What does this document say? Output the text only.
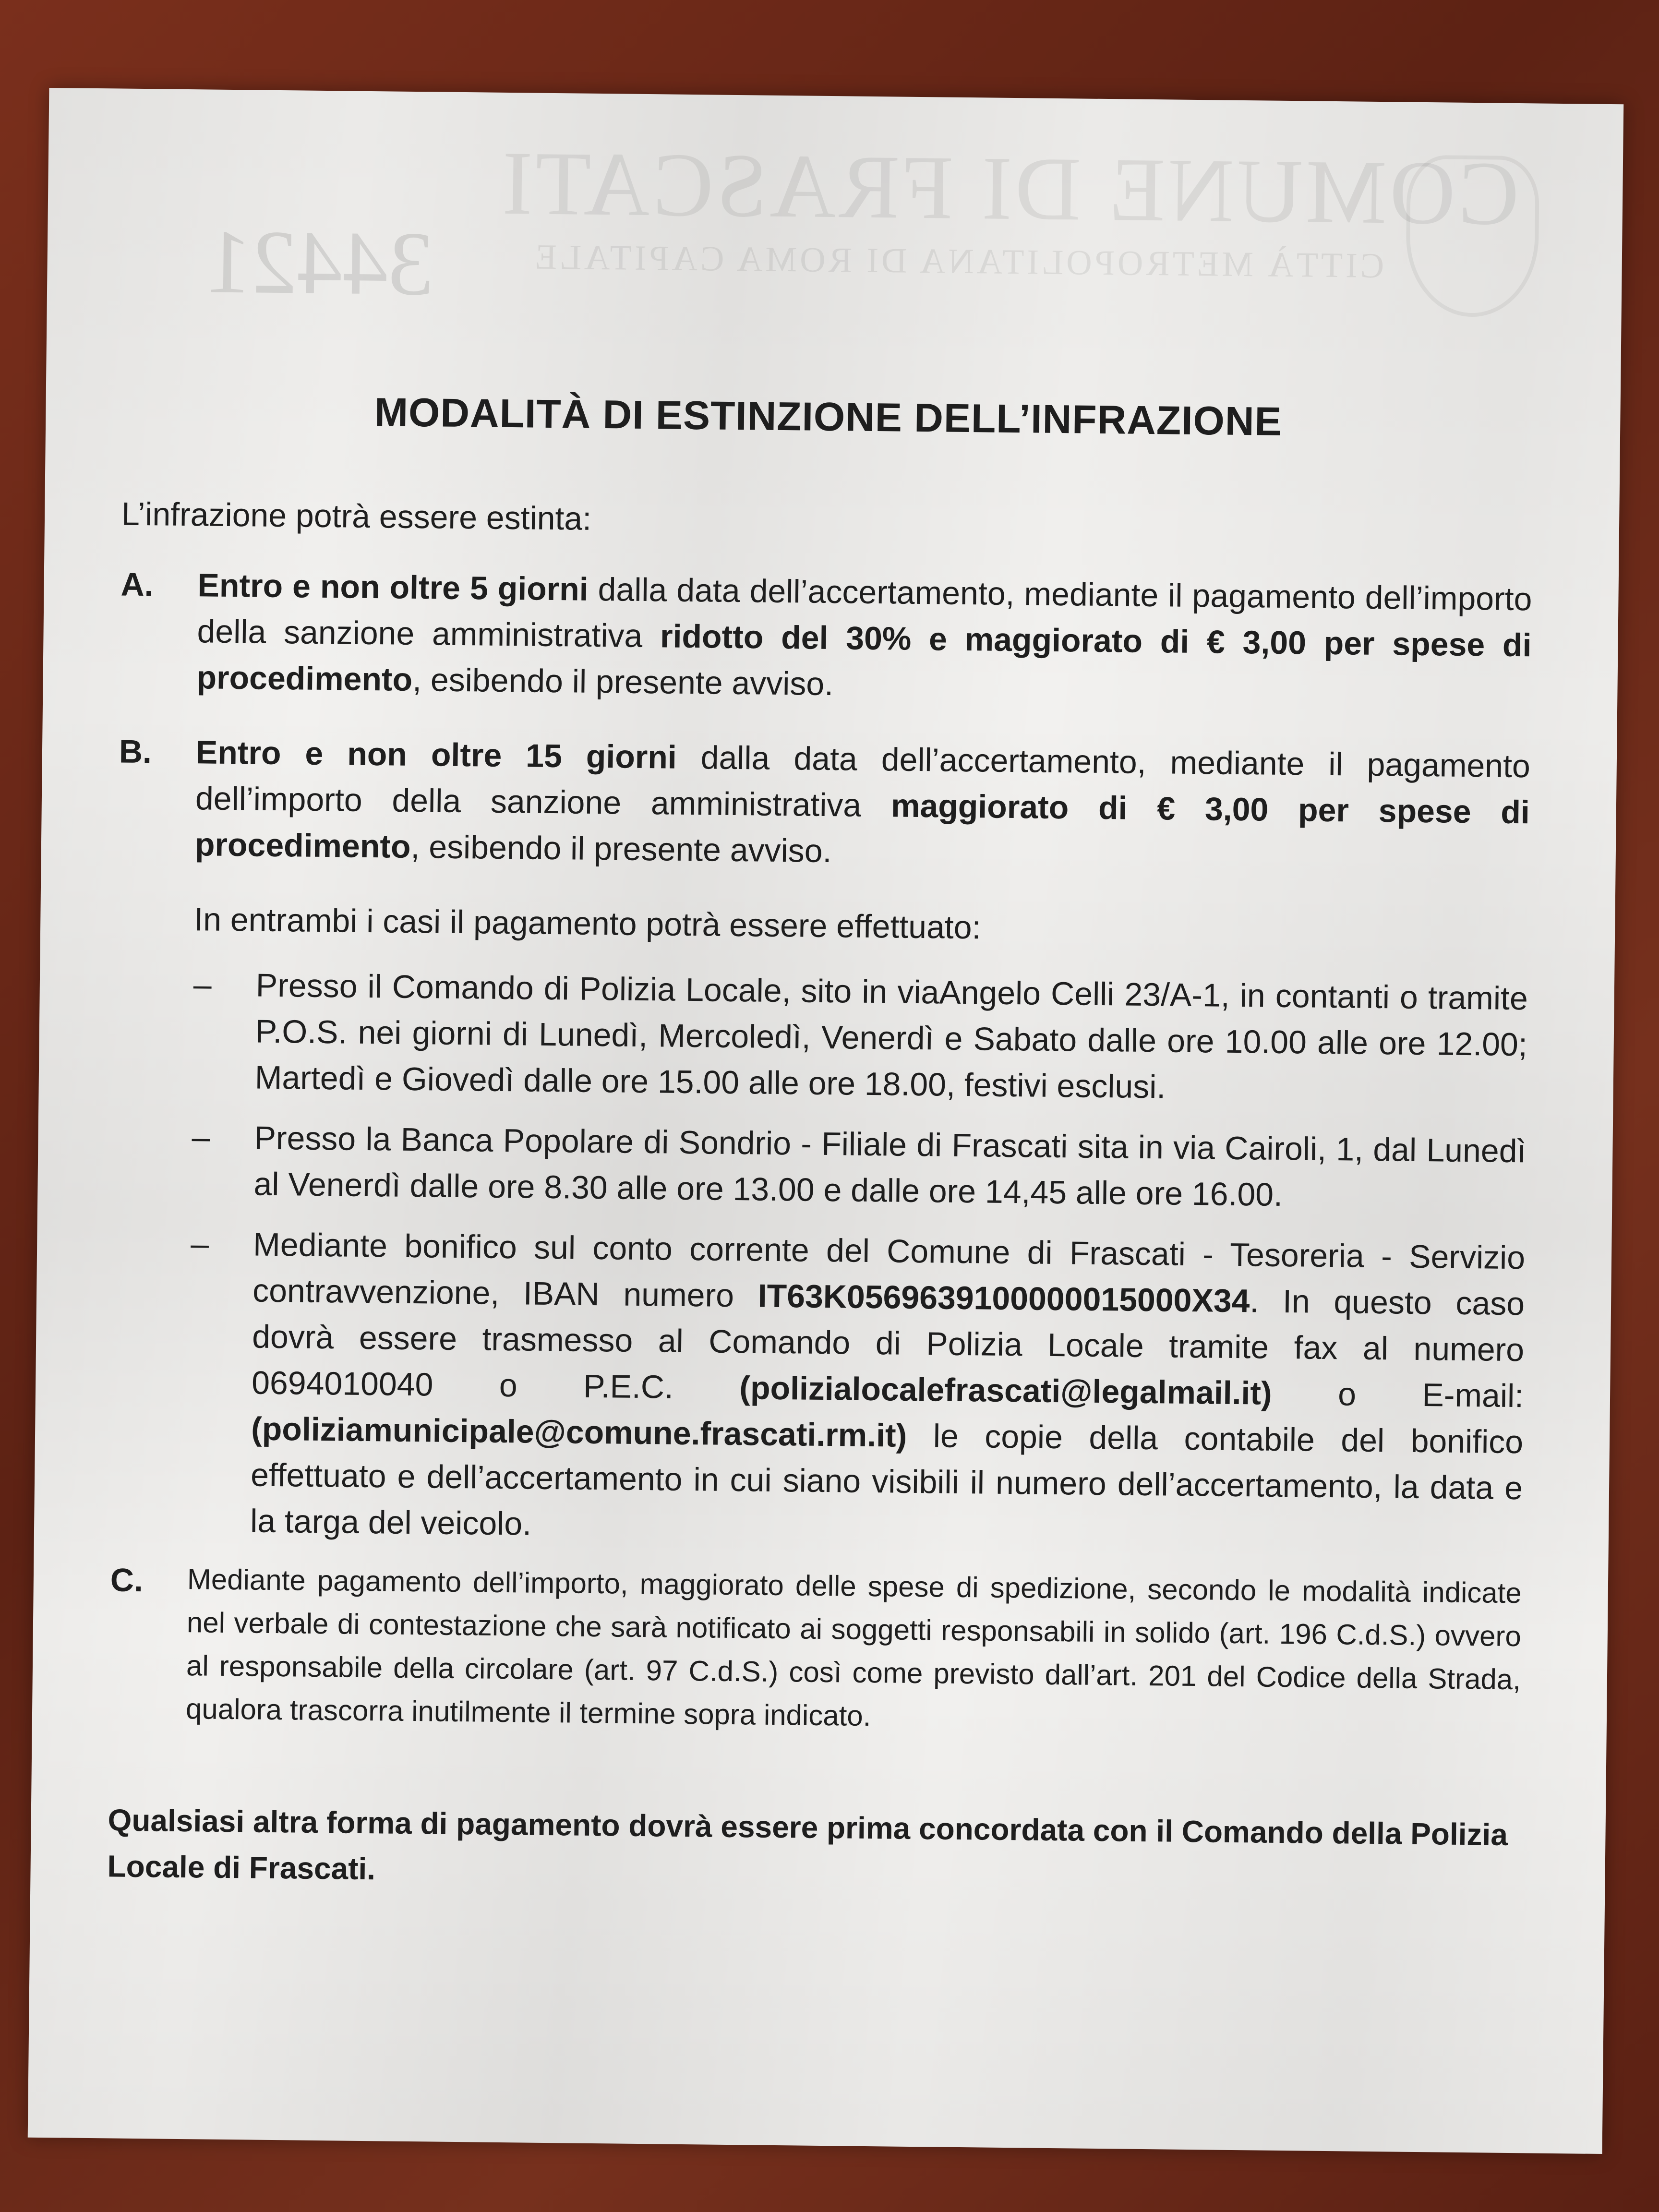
COMUNE DI FRASCATI
CITTÀ METROPOLITANA DI ROMA CAPITALE
34421
MODALITÀ DI ESTINZIONE DELL’INFRAZIONE
L’infrazione potrà essere estinta:
A.	Entro e non oltre 5 giorni dalla data dell’accertamento, mediante il pagamento dell’importo della sanzione amministrativa ridotto del 30% e maggiorato di € 3,00 per spese di procedimento, esibendo il presente avviso.
B.	Entro e non oltre 15 giorni dalla data dell’accertamento, mediante il pagamento dell’importo della sanzione amministrativa maggiorato di € 3,00 per spese di procedimento, esibendo il presente avviso.
In entrambi i casi il pagamento potrà essere effettuato:
–	Presso il Comando di Polizia Locale, sito in viaAngelo Celli 23/A-1, in contanti o tramite P.O.S. nei giorni di Lunedì, Mercoledì, Venerdì e Sabato dalle ore 10.00 alle ore 12.00; Martedì e Giovedì dalle ore 15.00 alle ore 18.00, festivi esclusi.
–	Presso la Banca Popolare di Sondrio - Filiale di Frascati sita in via Cairoli, 1, dal Lunedì al Venerdì dalle ore 8.30 alle ore 13.00 e dalle ore 14,45 alle ore 16.00.
–	Mediante bonifico sul conto corrente del Comune di Frascati - Tesoreria - Servizio contravvenzione, IBAN numero IT63K0569639100000015000X34. In questo caso dovrà essere trasmesso al Comando di Polizia Locale tramite fax al numero 0694010040 o P.E.C. (polizialocalefrascati@legalmail.it) o E-mail: (poliziamunicipale@comune.frascati.rm.it) le copie della contabile del bonifico effettuato e dell’accertamento in cui siano visibili il numero dell’accertamento, la data e la targa del veicolo.
C.	Mediante pagamento dell’importo, maggiorato delle spese di spedizione, secondo le modalità indicate nel verbale di contestazione che sarà notificato ai soggetti responsabili in solido (art. 196 C.d.S.) ovvero al responsabile della circolare (art. 97 C.d.S.) così come previsto dall’art. 201 del Codice della Strada, qualora trascorra inutilmente il termine sopra indicato.
Qualsiasi altra forma di pagamento dovrà essere prima concordata con il Comando della Polizia Locale di Frascati.
